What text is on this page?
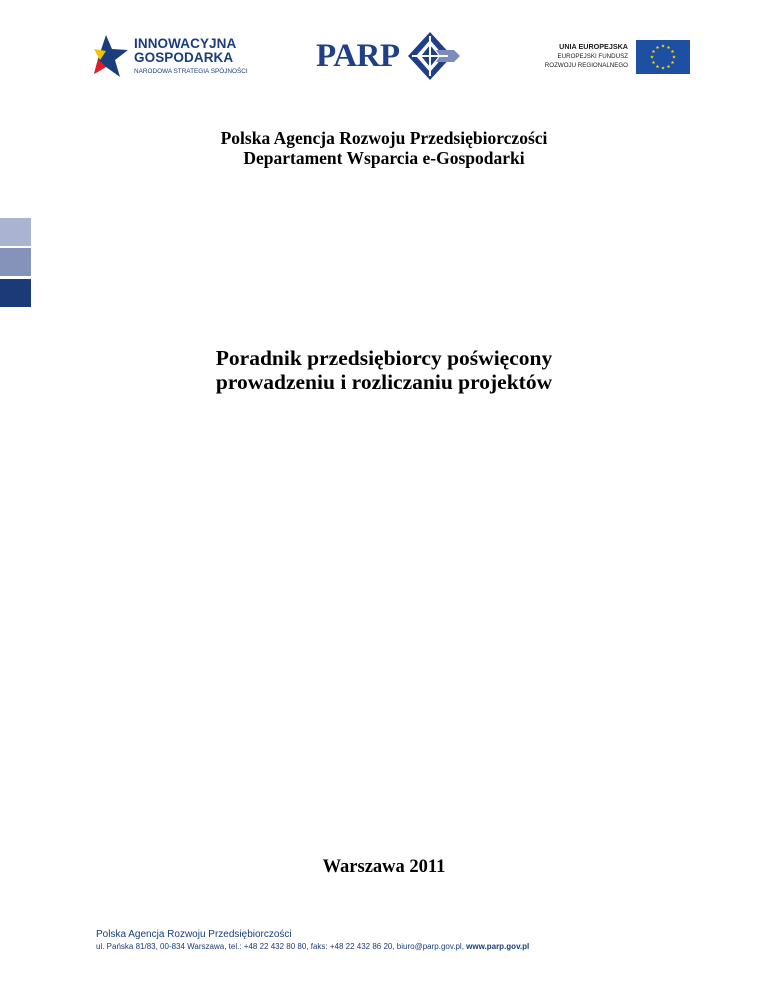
INNOWACYJNA
GOSPODARKA
NARODOWA STRATEGIA SPÓJNOŚCI PARP	UNIA EUROPEJSKA
EUROPEJSKI FUNDUSZ
ROZWOJU REGIONALNEGO
Polska Agencja Rozwoju Przedsiębiorczości
Departament Wsparcia e-Gospodarki
Poradnik przedsiębiorcy poświęcony
prowadzeniu i rozliczaniu projektów
Warszawa 2011
Polska Agencja Rozwoju Przedsiębiorczości
ul. Pańska 81/83, 00-834 Warszawa, tel.: +48 22 432 80 80, faks: +48 22 432 86 20, biuro@parp.gov.pl, www.parp.gov.pl
